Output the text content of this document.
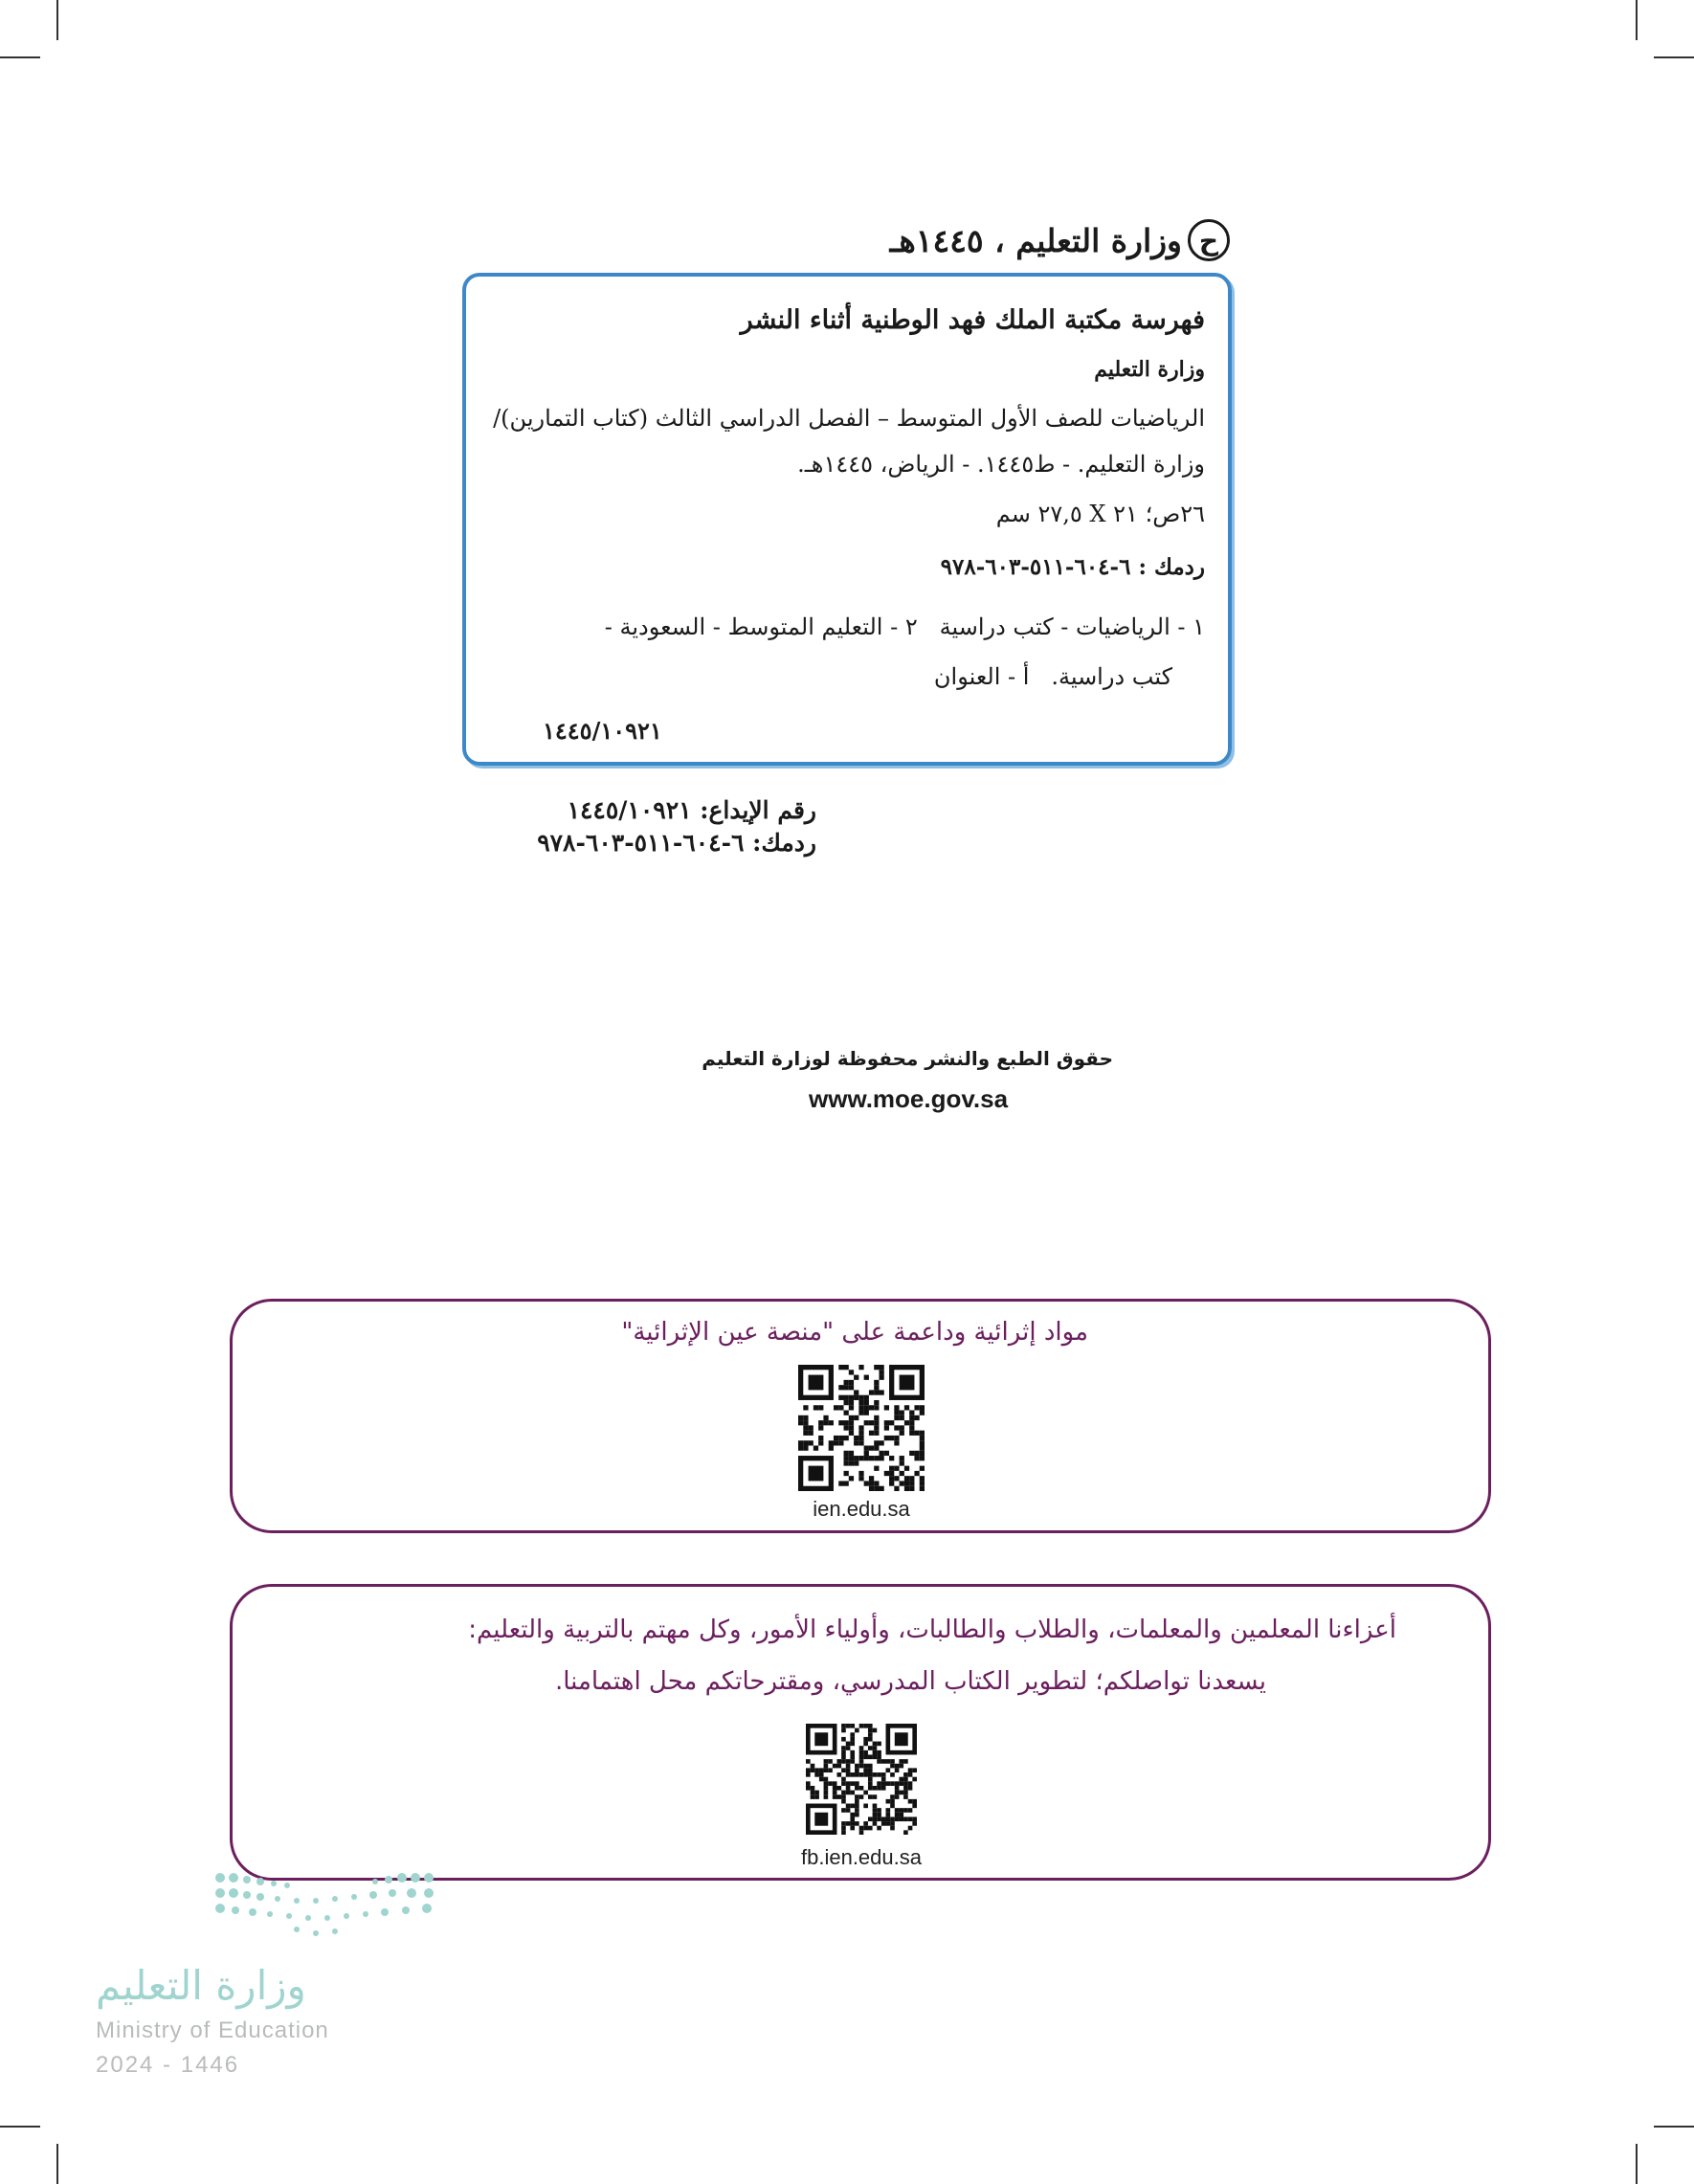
ح
وزارة التعليم ، ١٤٤٥هـ
فهرسة مكتبة الملك فهد الوطنية أثناء النشر
وزارة التعليم
الرياضيات للصف الأول المتوسط – الفصل الدراسي الثالث (كتاب التمارين)/
وزارة التعليم. - ط١٤٤٥. - الرياض، ١٤٤٥هـ.
٢٦ص؛ ٢١ X ٢٧,٥ سم
ردمك : ٦-٦٠٤-٥١١-٦٠٣-٩٧٨
١ - الرياضيات - كتب دراسية   ٢ - التعليم المتوسط - السعودية -
كتب دراسية.   أ - العنوان
١٤٤٥/١٠٩٢١
رقم الإيداع: ١٤٤٥/١٠٩٢١
ردمك: ٦-٦٠٤-٥١١-٦٠٣-٩٧٨
حقوق الطبع والنشر محفوظة لوزارة التعليم
www.moe.gov.sa
مواد إثرائية وداعمة على "منصة عين الإثرائية"
ien.edu.sa
أعزاءنا المعلمين والمعلمات، والطلاب والطالبات، وأولياء الأمور، وكل مهتم بالتربية والتعليم:
يسعدنا تواصلكم؛ لتطوير الكتاب المدرسي، ومقترحاتكم محل اهتمامنا.
fb.ien.edu.sa
وزارة التعليم
Ministry of Education
2024 - 1446
